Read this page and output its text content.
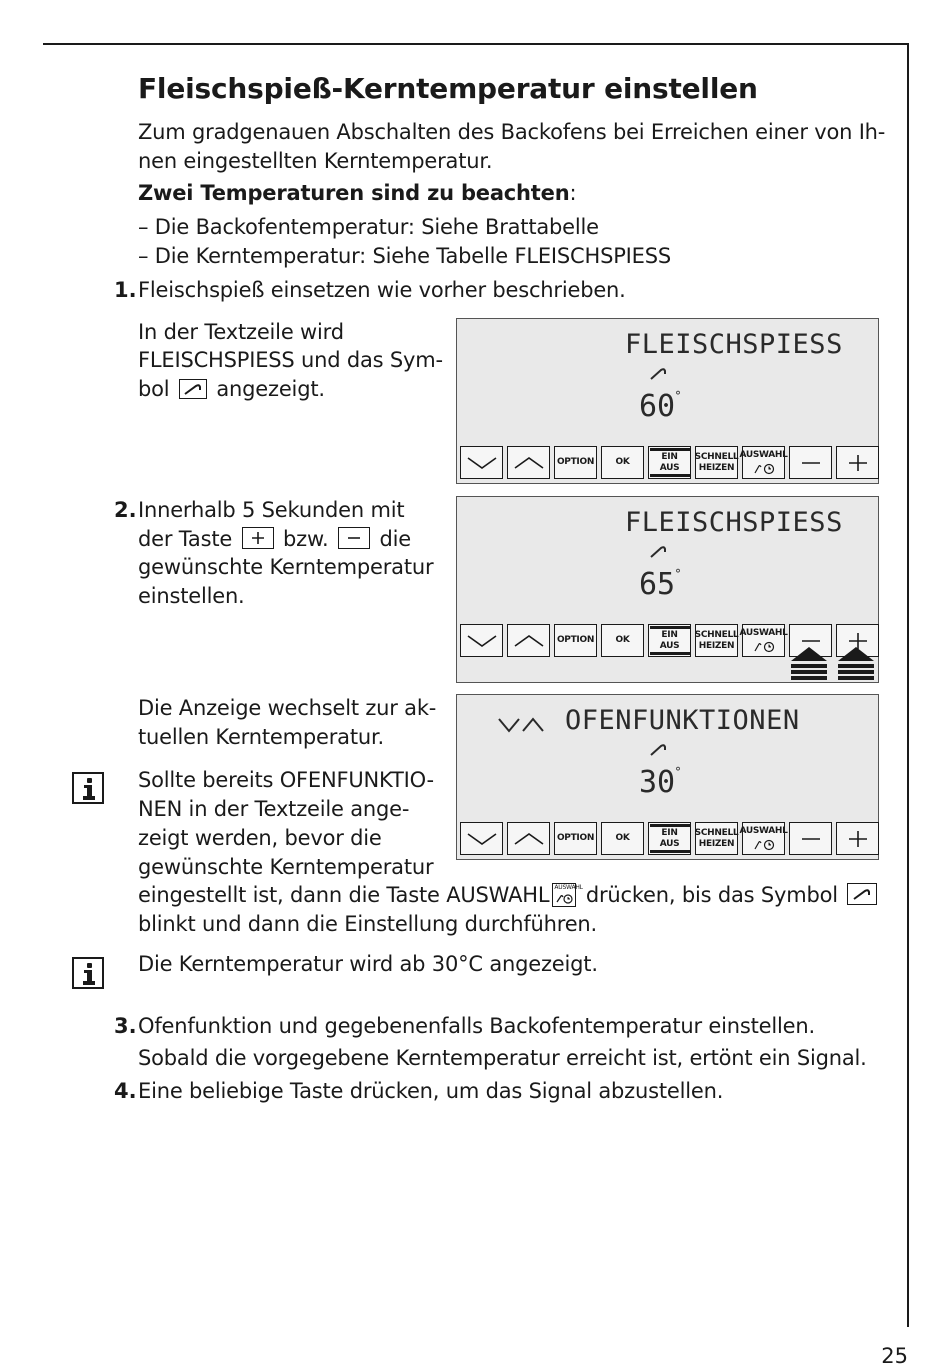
Fleischspieß-Kerntemperatur einstellen
Zum gradgenauen Abschalten des Backofens bei Erreichen einer von Ih-
nen eingestellten Kerntemperatur.
Zwei Temperaturen sind zu beachten:
– Die Backofentemperatur: Siehe Brattabelle
– Die Kerntemperatur: Siehe Tabelle FLEISCHSPIESS
1. Fleischspieß einsetzen wie vorher beschrieben.
In der Textzeile wird
FLEISCHSPIESS und das Sym-
bol angezeigt.
2. Innerhalb 5 Sekunden mit
der Taste bzw. die
gewünschte Kerntemperatur
einstellen.
Die Anzeige wechselt zur ak-
tuellen Kerntemperatur.
Sollte bereits OFENFUNKTIO-
NEN in der Textzeile ange-
zeigt werden, bevor die
gewünschte Kerntemperatur
eingestellt ist, dann die Taste AUSWAHL AUSWAHL drücken, bis das Symbol
blinkt und dann die Einstellung durchführen.
Die Kerntemperatur wird ab 30°C angezeigt.
3. Ofenfunktion und gegebenenfalls Backofentemperatur einstellen.
Sobald die vorgegebene Kerntemperatur erreicht ist, ertönt ein Signal.
4. Eine beliebige Taste drücken, um das Signal abzustellen.
FLEISCHSPIESS
60 °
OPTION OK	EIN
AUS
SCHNELL
HEIZEN
AUSWAHL
FLEISCHSPIESS
65 °
OPTION OK	EIN
AUS
SCHNELL
HEIZEN
AUSWAHL
OFENFUNKTIONEN
30 °
OPTION OK	EIN
AUS
SCHNELL
HEIZEN
AUSWAHL
25
